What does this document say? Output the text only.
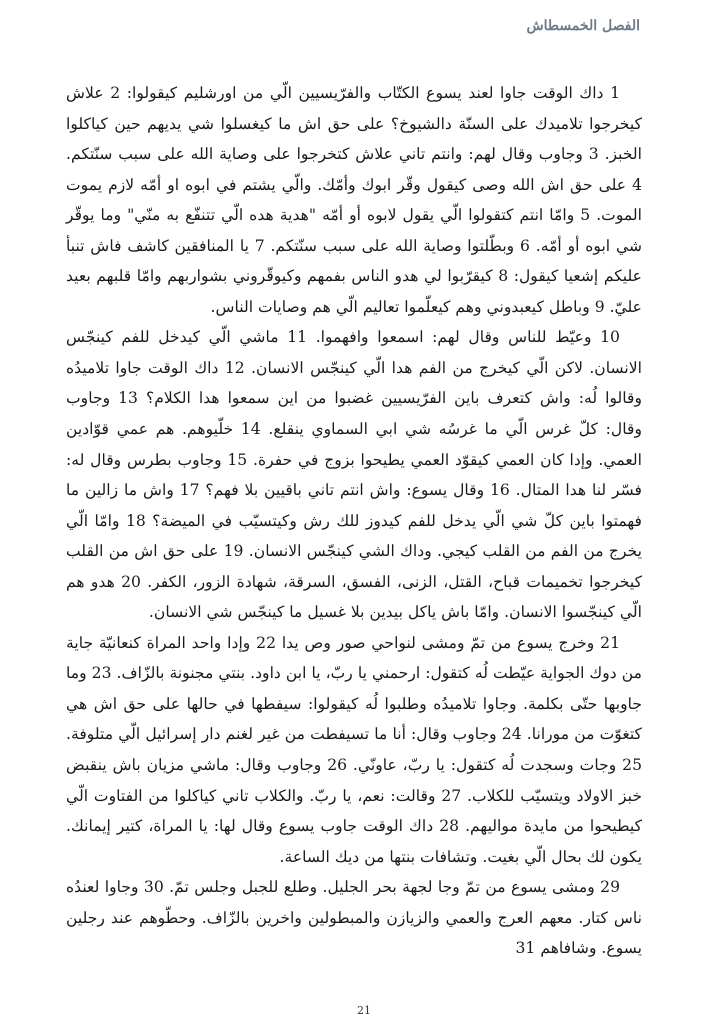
الفصل الخمسطاش

1 داك الوقت جاوا لعند يسوع الكتّاب والفرّيسيين الّي من اورشليم كيقولوا: 2 علاش كيخرجوا تلاميدك على السنّة دالشيوخ؟ على حق اش ما كيغسلوا شي يديهم حين كياكلوا الخبز. 3 وجاوب وقال لهم: وانتم تاني علاش كتخرجوا على وصاية الله على سبب سنّتكم. 4 على حق اش الله وصى كيقول وقّر ابوك وأمّك. والّي يشتم في ابوه او أمّه لازم يموت الموت. 5 وامّا انتم كتقولوا الّي يقول لابوه أو أمّه "هدية هده الّي تتنفّع به منّي" وما يوقّر شي ابوه أو أمّه. 6 وبطّلتوا وصاية الله على سبب سنّتكم. 7 يا المنافقين كاشف فاش تنبأ عليكم إشعيا كيقول: 8 كيقرّبوا لي هدو الناس بفمهم وكيوقّروني بشواربهم وامّا قلبهم بعيد عليّ. 9 وباطل كيعبدوني وهم كيعلّموا تعاليم الّي هم وصايات الناس.

10 وعيّط للناس وقال لهم: اسمعوا وافهموا. 11 ماشي الّي كيدخل للفم كينجّس الانسان. لاكن الّي كيخرج من الفم هدا الّي كينجّس الانسان. 12 داك الوقت جاوا تلاميدُه وقالوا لُه: واش كتعرف باين الفرّيسيين غضبوا من اين سمعوا هدا الكلام؟ 13 وجاوب وقال: كلّ غرس الّي ما غرسُه شي ابي السماوي ينقلع. 14 خلّيوهم. هم عمي قوّادين العمي. وإدا كان العمي كيقوّد العمي يطيحوا بزوج في حفرة. 15 وجاوب بطرس وقال له: فسّر لنا هدا المتال. 16 وقال يسوع: واش انتم تاني باقيين بلا فهم؟ 17 واش ما زالين ما فهمتوا باين كلّ شي الّي يدخل للفم كيدوز للك رش وكيتسيّب في الميضة؟ 18 وامّا الّي يخرج من الفم من القلب كيجي. وداك الشي كينجّس الانسان. 19 على حق اش من القلب كيخرجوا تخميمات قباح، القتل، الزنى، الفسق، السرقة، شهادة الزور، الكفر. 20 هدو هم الّي كينجّسوا الانسان. وامّا باش ياكل بيدين بلا غسيل ما كينجّس شي الانسان.

21 وخرج يسوع من تمّ ومشى لنواحي صور وص يدا 22 وإدا واحد المراة كنعانيّة جاية من دوك الجواية عيّطت لُه كتقول: ارحمني يا ربّ، يا ابن داود. بنتي مجنونة بالزّاف. 23 وما جاوبها حتّى بكلمة. وجاوا تلاميدُه وطلبوا لُه كيقولوا: سيفطها في حالها على حق اش هي كتغوّت من مورانا. 24 وجاوب وقال: أنا ما تسيفطت من غير لغنم دار إسرائيل الّي متلوفة. 25 وجات وسجدت لُه كتقول: يا ربّ، عاونّي. 26 وجاوب وقال: ماشي مزيان باش ينقبض خبز الاولاد ويتسيّب للكلاب. 27 وقالت: نعم، يا ربّ. والكلاب تاني كياكلوا من الفتاوت الّي كيطيحوا من مايدة مواليهم. 28 داك الوقت جاوب يسوع وقال لها: يا المراة، كتير إيمانك. يكون لك بحال الّي بغيت. وتشافات بنتها من ديك الساعة.

29 ومشى يسوع من تمّ وجا لجهة بحر الجليل. وطلع للجبل وجلس تمّ. 30 وجاوا لعندُه ناس كتار. معهم العرج والعمي والزيازن والمبطولين واخرين بالزّاف. وحطّوهم عند رجلين يسوع. وشافاهم 31

21
